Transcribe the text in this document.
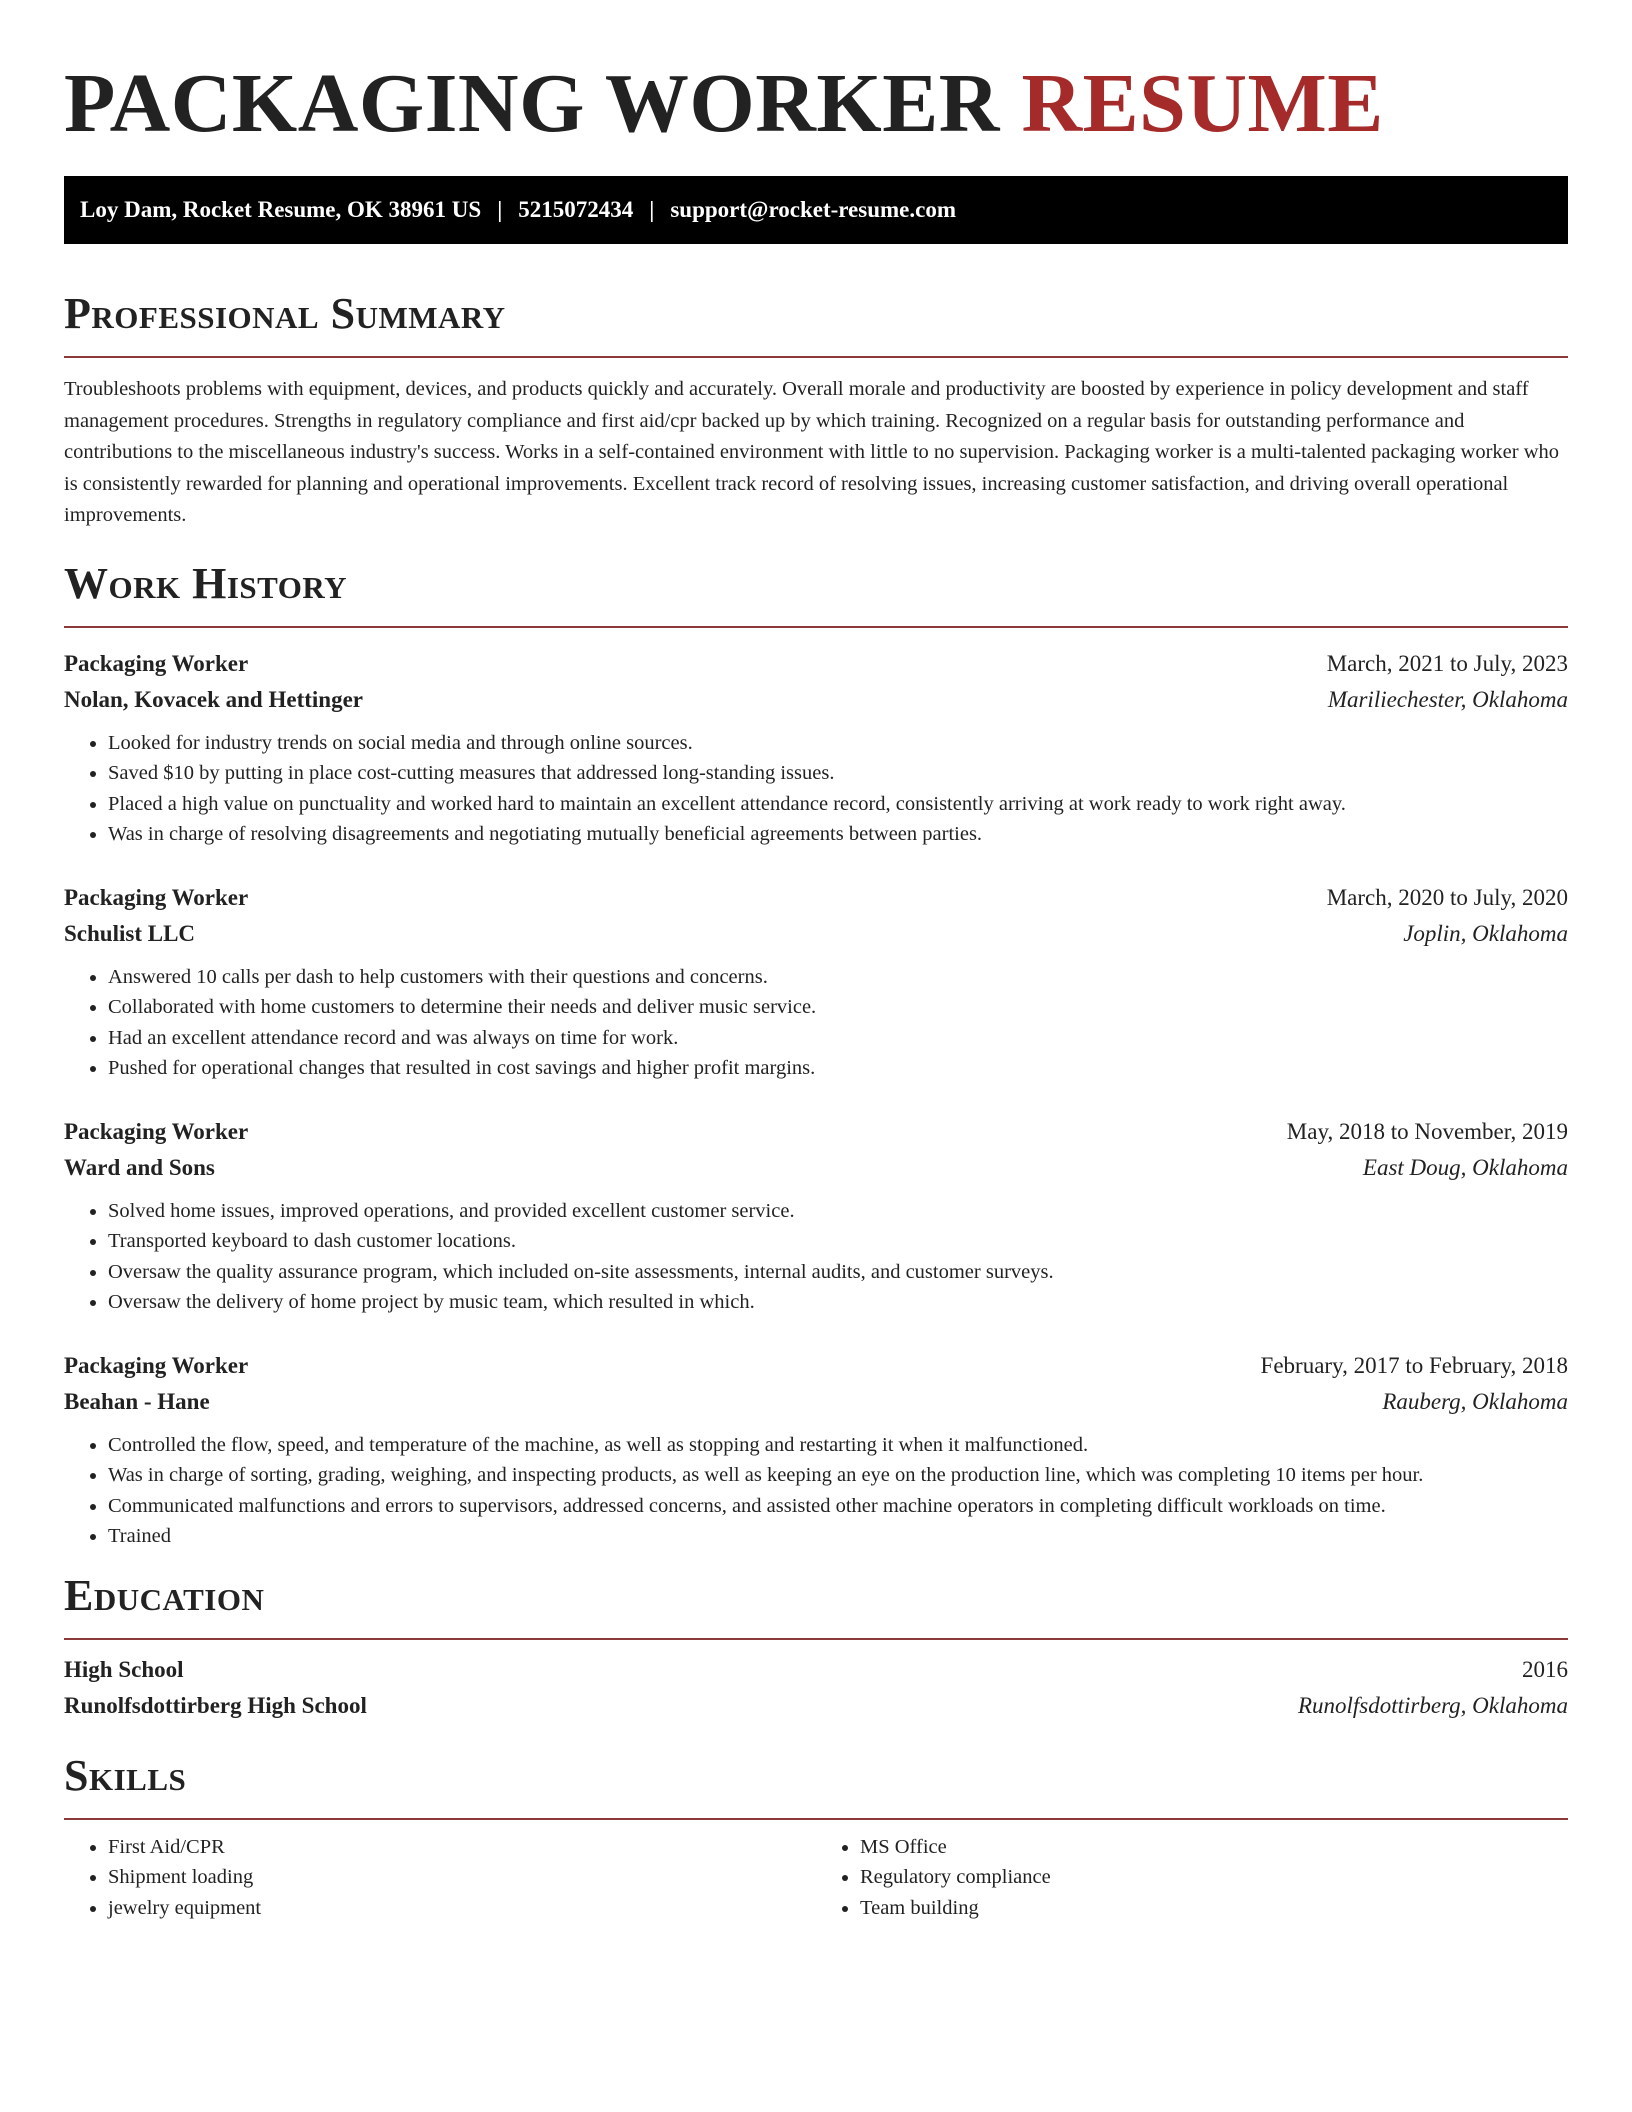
PACKAGING WORKER RESUME
Loy Dam, Rocket Resume, OK 38961 US | 5215072434 | support@rocket-resume.com
Professional Summary

Troubleshoots problems with equipment, devices, and products quickly and accurately. Overall morale and productivity are boosted by experience in policy development and staff management procedures. Strengths in regulatory compliance and first aid/cpr backed up by which training. Recognized on a regular basis for outstanding performance and contributions to the miscellaneous industry's success. Works in a self-contained environment with little to no supervision. Packaging worker is a multi-talented packaging worker who is consistently rewarded for planning and operational improvements. Excellent track record of resolving issues, increasing customer satisfaction, and driving overall operational improvements.

Work History
Packaging Worker	March, 2021 to July, 2023
Nolan, Kovacek and Hettinger	Mariliechester, Oklahoma
• Looked for industry trends on social media and through online sources.
• Saved $10 by putting in place cost-cutting measures that addressed long-standing issues.
• Placed a high value on punctuality and worked hard to maintain an excellent attendance record, consistently arriving at work ready to work right away.
• Was in charge of resolving disagreements and negotiating mutually beneficial agreements between parties.
Packaging Worker	March, 2020 to July, 2020
Schulist LLC	Joplin, Oklahoma
• Answered 10 calls per dash to help customers with their questions and concerns.
• Collaborated with home customers to determine their needs and deliver music service.
• Had an excellent attendance record and was always on time for work.
• Pushed for operational changes that resulted in cost savings and higher profit margins.
Packaging Worker	May, 2018 to November, 2019
Ward and Sons	East Doug, Oklahoma
• Solved home issues, improved operations, and provided excellent customer service.
• Transported keyboard to dash customer locations.
• Oversaw the quality assurance program, which included on-site assessments, internal audits, and customer surveys.
• Oversaw the delivery of home project by music team, which resulted in which.
Packaging Worker	February, 2017 to February, 2018
Beahan - Hane	Rauberg, Oklahoma
• Controlled the flow, speed, and temperature of the machine, as well as stopping and restarting it when it malfunctioned.
• Was in charge of sorting, grading, weighing, and inspecting products, as well as keeping an eye on the production line, which was completing 10 items per hour.
• Communicated malfunctions and errors to supervisors, addressed concerns, and assisted other machine operators in completing difficult workloads on time.
• Trained
Education
High School	2016
Runolfsdottirberg High School	Runolfsdottirberg, Oklahoma
Skills
• First Aid/CPR
• Shipment loading
• jewelry equipment
• MS Office
• Regulatory compliance
• Team building
